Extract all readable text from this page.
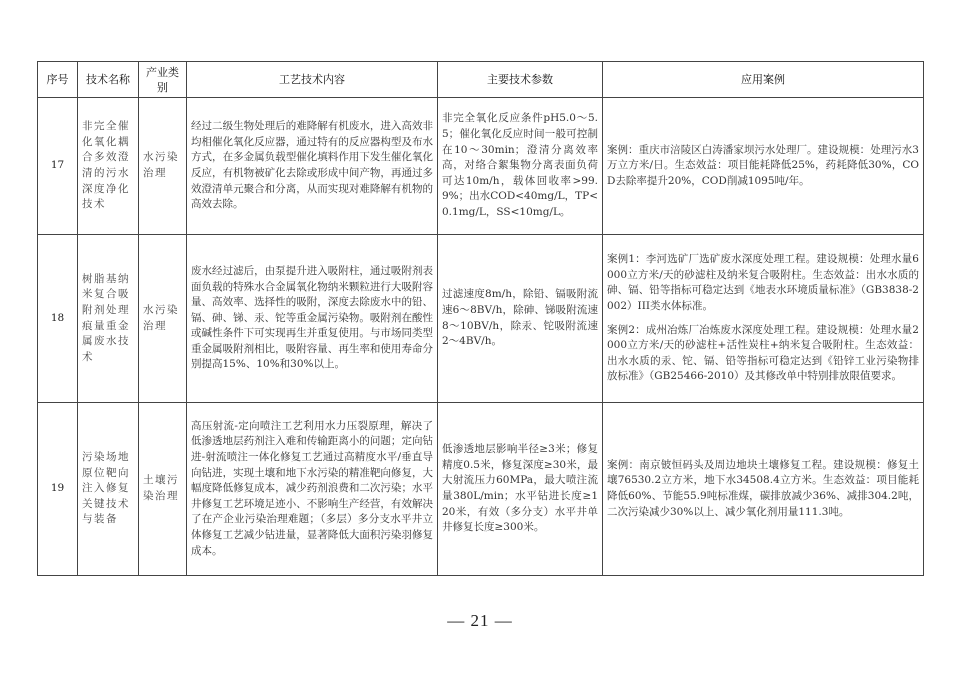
序号	技术名称	产业类别	工艺技术内容	主要技术参数	应用案例
17	非完全催化氧化耦合多效澄清的污水深度净化技术	水污染治理	经过二级生物处理后的难降解有机废水，进入高效非均相催化氧化反应器，通过特有的反应器构型及布水方式，在多金属负载型催化填料作用下发生催化氧化反应，有机物被矿化去除或形成中间产物，再通过多效澄清单元聚合和分离，从而实现对难降解有机物的高效去除。	非完全氧化反应条件pH5.0～5.5；催化氧化反应时间一般可控制在10～30min；澄清分离效率高，对络合絮集物分离表面负荷可达10m/h，载体回收率>99.9%；出水COD<40mg/L，TP<0.1mg/L，SS<10mg/L。	案例：重庆市涪陵区白涛潘家坝污水处理厂。建设规模：处理污水3万立方米/日。生态效益：项目能耗降低25%，药耗降低30%，COD去除率提升20%，COD削减1095吨/年。

18	树脂基纳米复合吸附剂处理痕量重金属废水技术	水污染治理	废水经过滤后，由泵提升进入吸附柱，通过吸附剂表面负载的特殊水合金属氧化物纳米颗粒进行大吸附容量、高效率、选择性的吸附，深度去除废水中的铅、镉、砷、锑、汞、铊等重金属污染物。吸附剂在酸性或碱性条件下可实现再生并重复使用。与市场同类型重金属吸附剂相比，吸附容量、再生率和使用寿命分别提高15%、10%和30%以上。	过滤速度8m/h，除铅、镉吸附流速6～8BV/h，除砷、锑吸附流速8～10BV/h，除汞、铊吸附流速2～4BV/h。	案例1：李河选矿厂选矿废水深度处理工程。建设规模：处理水量6000立方米/天的砂滤柱及纳米复合吸附柱。生态效益：出水水质的砷、镉、铅等指标可稳定达到《地表水环境质量标准》（GB3838-2002）III类水体标准。
案例2：成州冶炼厂冶炼废水深度处理工程。建设规模：处理水量2000立方米/天的砂滤柱+活性炭柱+纳米复合吸附柱。生态效益：出水水质的汞、铊、镉、铅等指标可稳定达到《铅锌工业污染物排放标准》（GB25466-2010）及其修改单中特别排放限值要求。

19	污染场地原位靶向注入修复关键技术与装备	土壤污染治理	高压射流-定向喷注工艺利用水力压裂原理，解决了低渗透地层药剂注入难和传输距离小的问题；定向钻进-射流喷注一体化修复工艺通过高精度水平/垂直导向钻进，实现土壤和地下水污染的精准靶向修复，大幅度降低修复成本，减少药剂浪费和二次污染；水平井修复工艺环境足迹小、不影响生产经营，有效解决了在产企业污染治理难题；（多层）多分支水平井立体修复工艺减少钻进量，显著降低大面积污染羽修复成本。	低渗透地层影响半径≥3米；修复精度0.5米，修复深度≥30米，最大射流压力60MPa，最大喷注流量380L/min；水平钻进长度≥120米，有效（多分支）水平井单井修复长度≥300米。	案例：南京铍恒码头及周边地块土壤修复工程。建设规模：修复土壤76530.2立方米，地下水34508.4立方米。生态效益：项目能耗降低60%、节能55.9吨标准煤，碳排放减少36%、减排304.2吨，二次污染减少30%以上、减少氧化剂用量111.3吨。
— 21 —
